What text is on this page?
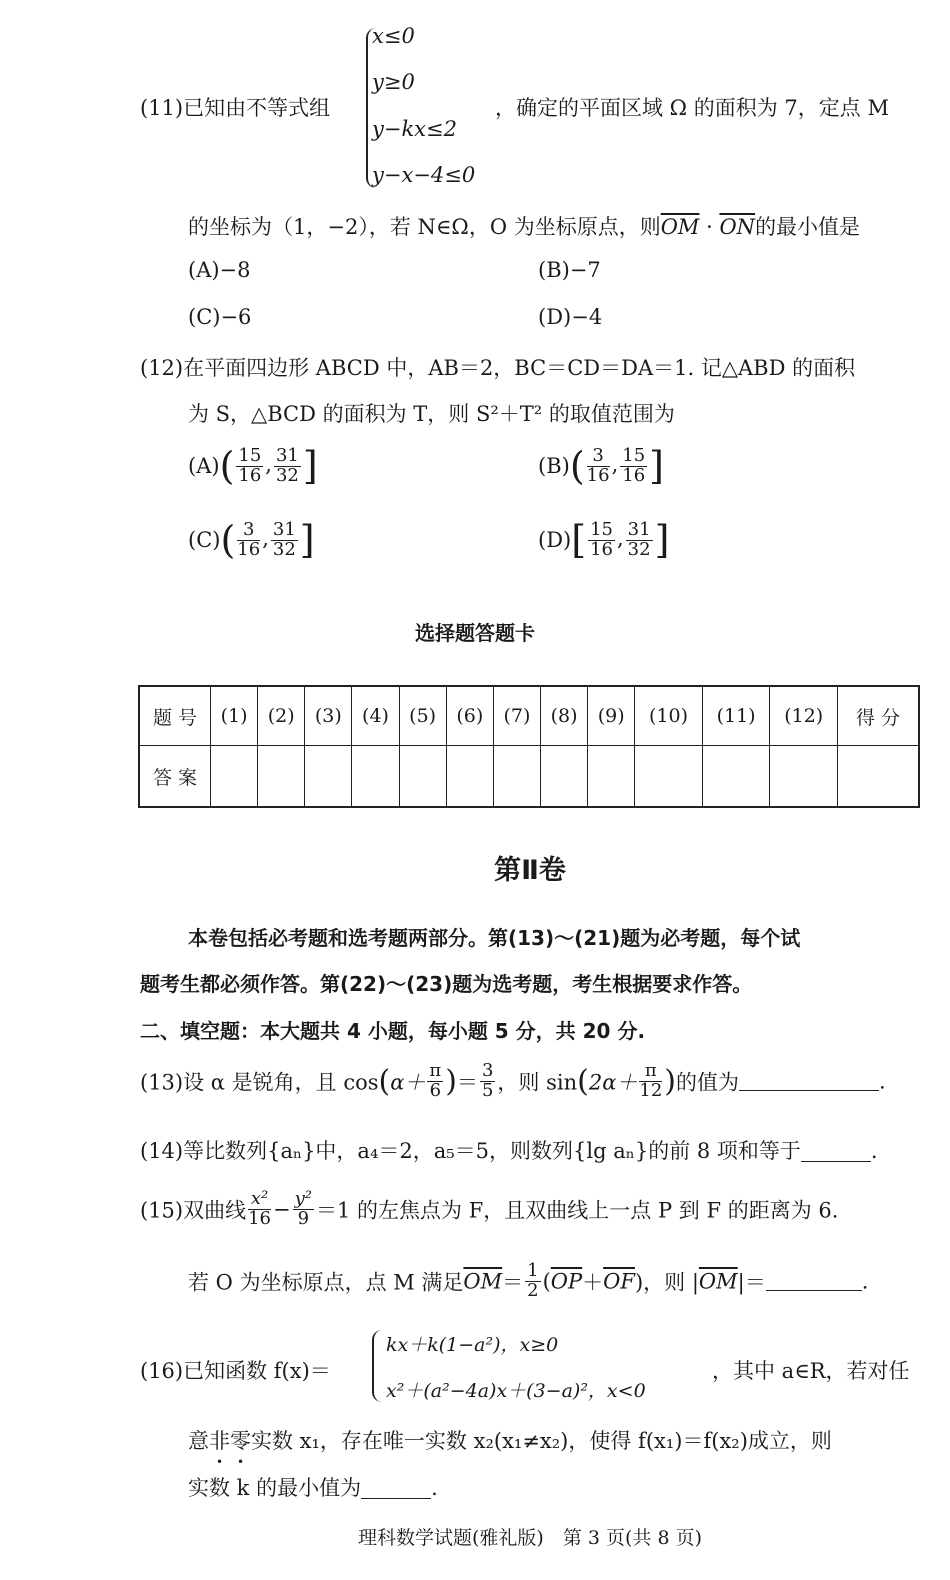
(11)已知由不等式组
x≤0
y≥0
y−kx≤2
y−x−4≤0
，确定的平面区域 Ω 的面积为 7，定点 M
的坐标为（1，−2），若 N∈Ω，O 为坐标原点，则$\overline{OM} \cdot \overline{ON}$的最小值是
(A)−8	(B)−7
(C)−6	(D)−4
(12)在平面四边形 ABCD 中，AB＝2，BC＝CD＝DA＝1. 记△ABD 的面积
为 S，△BCD 的面积为 T，则 S²＋T² 的取值范围为
$(A)( \frac{15}{16}$ , $\frac{31}{32}$ ]	$(B)( \frac{3}{16}$ , $\frac{15}{16}$ ]
$(C)( \frac{3}{16}$ , $\frac{31}{32}$ ]	$(D)[ \frac{15}{16}$ , $\frac{31}{32}$ ]
选择题答题卡
题 号	(1)	(2)	(3)	(4)	(5)	(6)	(7)	(8)	(9)	(10)	(11)	(12)	得 分
答 案													
第Ⅱ卷
本卷包括必考题和选考题两部分。第(13)～(21)题为必考题，每个试
题考生都必须作答。第(22)～(23)题为选考题，考生根据要求作答。
二、填空题：本大题共 4 小题，每小题 5 分，共 20 分.
(13)设 α 是锐角，且 $\cos(\alpha+ \frac{\pi}{6}$ )＝ $\frac{3}{5}$ ，则 $\sin(2\alpha+ \frac{\pi}{12}$ )的值为	.
(14)等比数列{aₙ}中，a₄＝2，a₅＝5，则数列{lg aₙ}的前 8 项和等于	.
(15)双曲线 $\frac{\text{x²}}{16} - \frac{\text{y²}}{9} =1$ 的左焦点为 F，且双曲线上一点 P 到 F 的距离为 6.
若 O 为坐标原点，点 M 满足$\overline{OM}= \frac{1}{2} (\overline{OP}+\overline{OF})$，则 $|\overline{OM}|=$	.
(16)已知函数 f(x)＝
kx＋k(1−a²)，x≥0
x²＋(a²−4a)x＋(3−a)²，x<0
，其中 a∈R，若对任
意非零实数 x₁，存在唯一实数 x₂(x₁≠x₂)，使得 f(x₁)＝f(x₂)成立，则
实数 k 的最小值为	.
理科数学试题(雅礼版)　第 3 页(共 8 页)
